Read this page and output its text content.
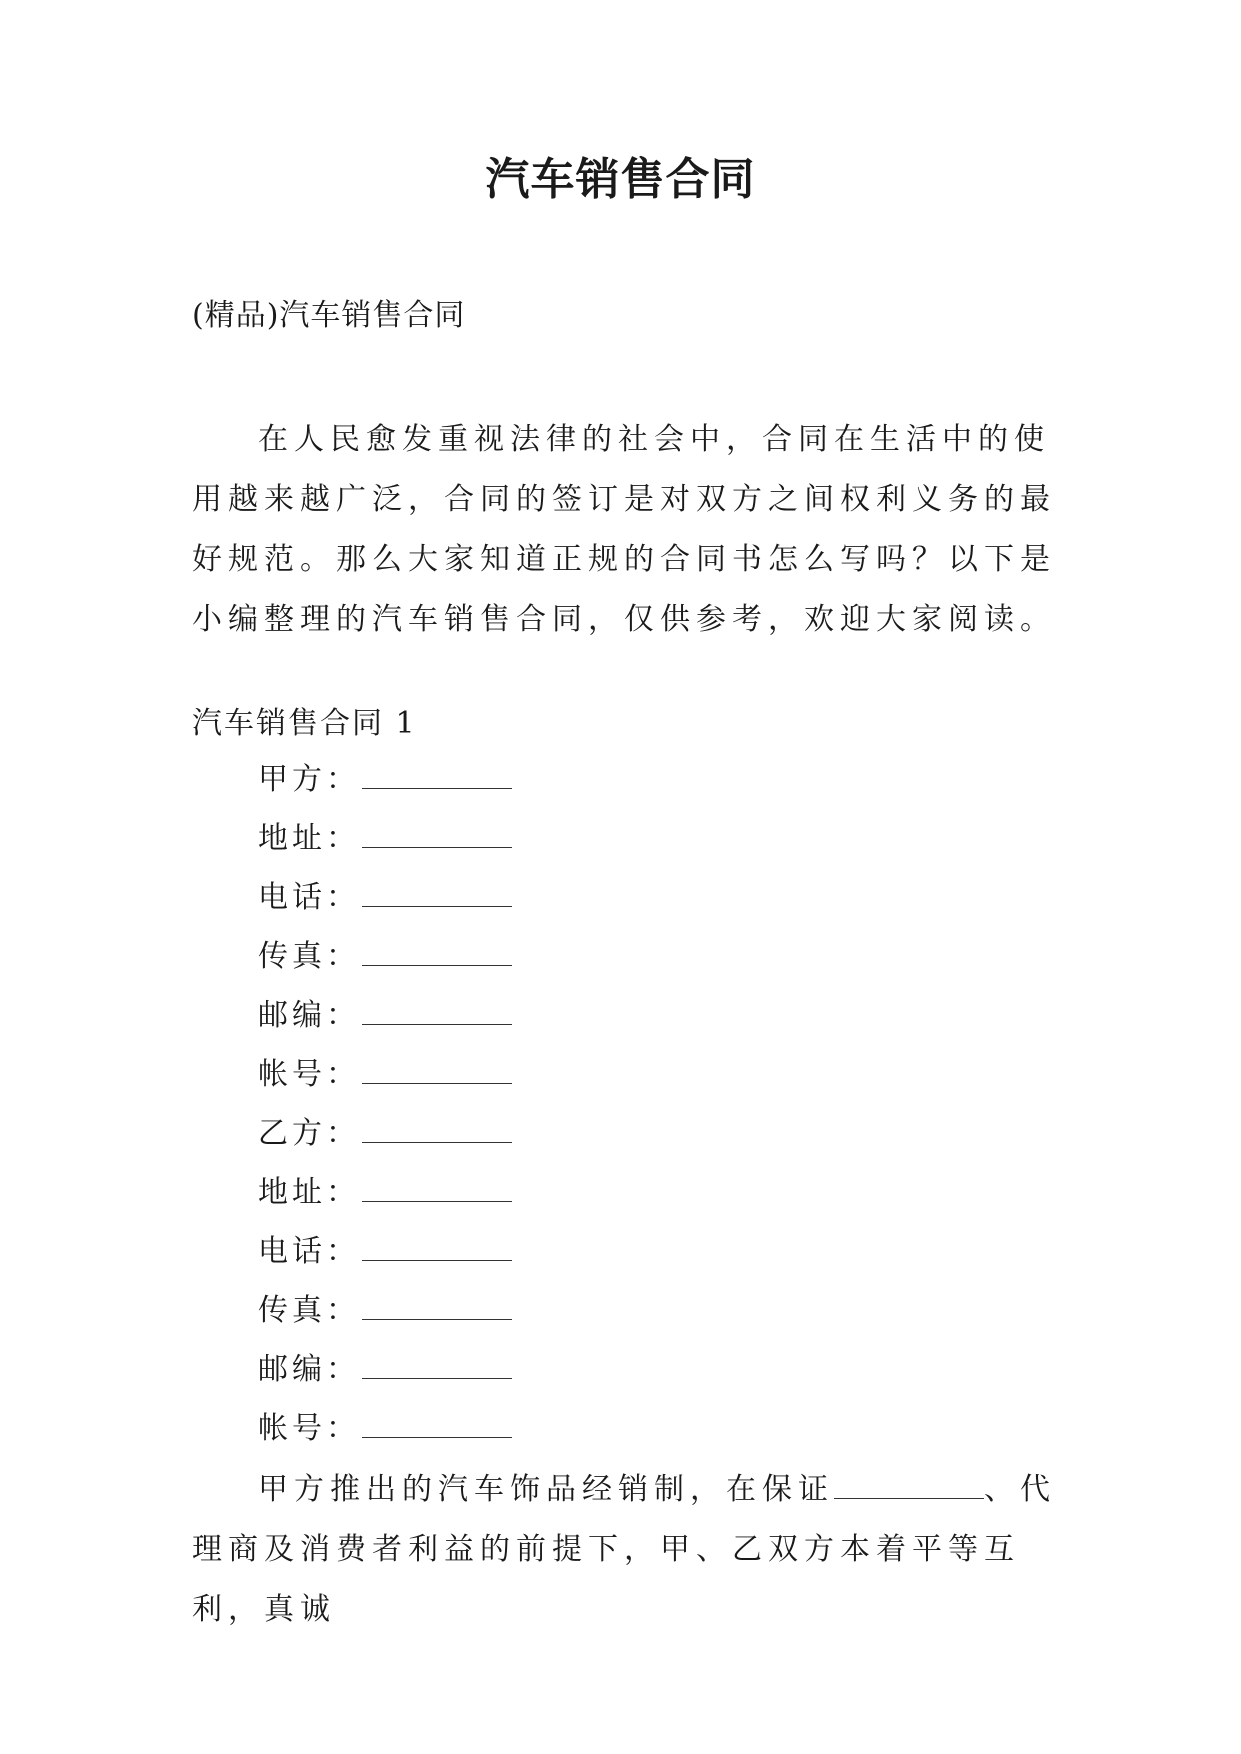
汽车销售合同
(精品)汽车销售合同

在人民愈发重视法律的社会中，合同在生活中的使用越来越广泛，合同的签订是对双方之间权利义务的最好规范。那么大家知道正规的合同书怎么写吗？以下是小编整理的汽车销售合同，仅供参考，欢迎大家阅读。

汽车销售合同 1
甲方：
地址：
电话：
传真：
邮编：
帐号：
乙方：
地址：
电话：
传真：
邮编：
帐号：

甲方推出的汽车饰品经销制，在保证	、代理商及消费者利益的前提下，甲、乙双方本着平等互利，真诚
